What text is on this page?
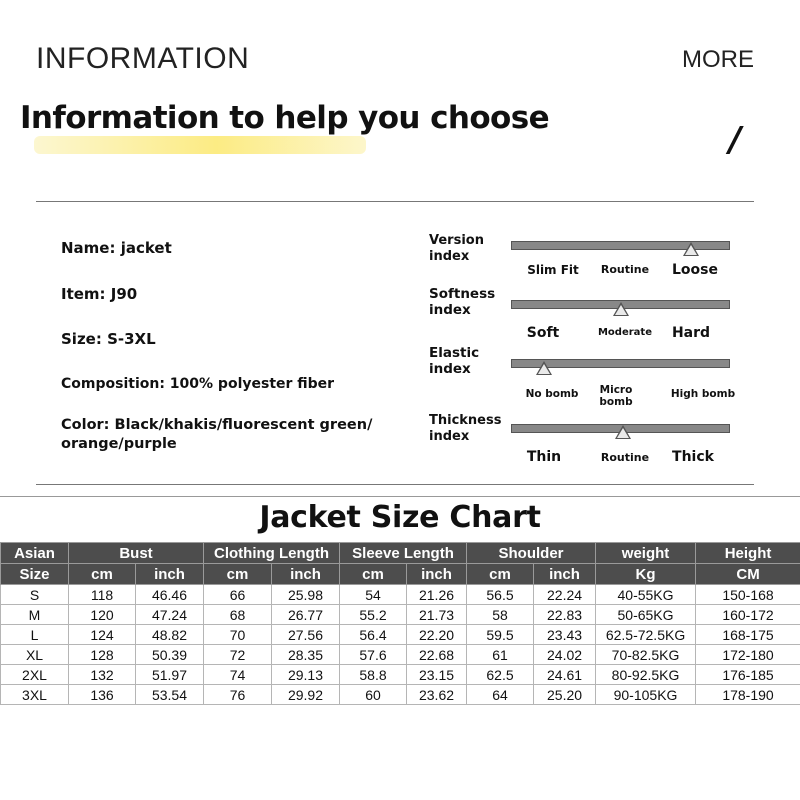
INFORMATION	MORE
Information to help you choose
/
Name: jacket
Item: J90
Size: S-3XL
Composition: 100% polyester fiber
Color: Black/khakis/fluorescent green/
orange/purple
Version
index
Slim Fit	Routine	Loose
Softness
index
Soft	Moderate	Hard
Elastic
index
No bomb	Micro bomb
High bomb
Thickness
index
Thin	Routine	Thick
Jacket Size Chart
Asian	Bust		Clothing Length		Sleeve Length		Shoulder		weight	Height
Size	cm	inch	cm	inch	cm	inch	cm	inch	Kg	CM
S	118	46.46	66	25.98	54	21.26	56.5	22.24	40-55KG	150-168
M	120	47.24	68	26.77	55.2	21.73	58	22.83	50-65KG	160-172
L	124	48.82	70	27.56	56.4	22.20	59.5	23.43	62.5-72.5KG	168-175
XL	128	50.39	72	28.35	57.6	22.68	61	24.02	70-82.5KG	172-180
2XL	132	51.97	74	29.13	58.8	23.15	62.5	24.61	80-92.5KG	176-185
3XL	136	53.54	76	29.92	60	23.62	64	25.20	90-105KG	178-190
